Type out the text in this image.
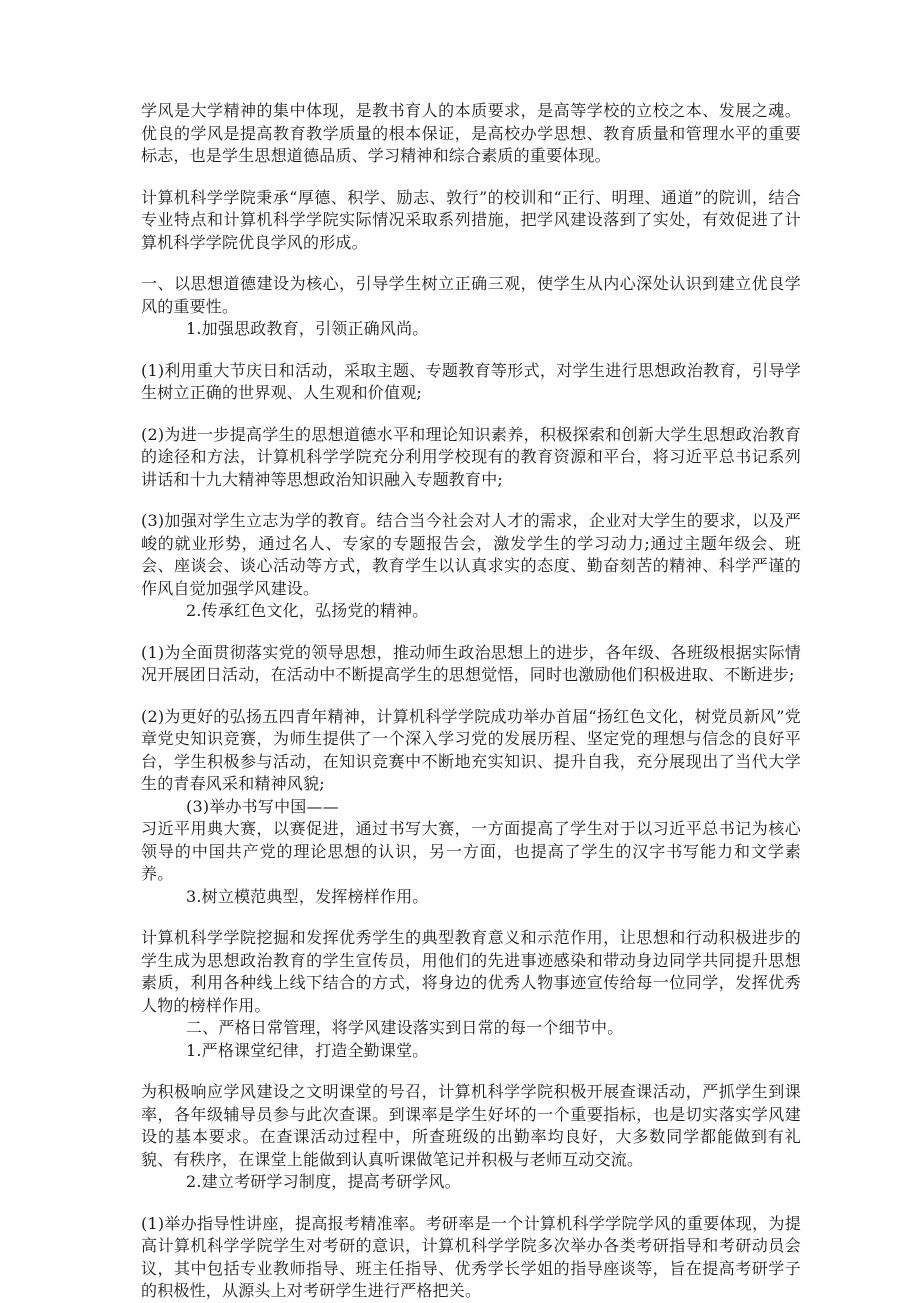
学风是大学精神的集中体现，是教书育人的本质要求，是高等学校的立校之本、发展之魂。优良的学风是提高教育教学质量的根本保证，是高校办学思想、教育质量和管理水平的重要标志，也是学生思想道德品质、学习精神和综合素质的重要体现。

计算机科学学院秉承“厚德、积学、励志、敦行”的校训和“正行、明理、通道”的院训，结合专业特点和计算机科学学院实际情况采取系列措施，把学风建设落到了实处，有效促进了计算机科学学院优良学风的形成。

一、以思想道德建设为核心，引导学生树立正确三观，使学生从内心深处认识到建立优良学风的重要性。

1.加强思政教育，引领正确风尚。

(1)利用重大节庆日和活动，采取主题、专题教育等形式，对学生进行思想政治教育，引导学生树立正确的世界观、人生观和价值观;

(2)为进一步提高学生的思想道德水平和理论知识素养，积极探索和创新大学生思想政治教育的途径和方法，计算机科学学院充分利用学校现有的教育资源和平台，将习近平总书记系列讲话和十九大精神等思想政治知识融入专题教育中;

(3)加强对学生立志为学的教育。结合当今社会对人才的需求，企业对大学生的要求，以及严峻的就业形势，通过名人、专家的专题报告会，激发学生的学习动力;通过主题年级会、班会、座谈会、谈心活动等方式，教育学生以认真求实的态度、勤奋刻苦的精神、科学严谨的作风自觉加强学风建设。

2.传承红色文化，弘扬党的精神。

(1)为全面贯彻落实党的领导思想，推动师生政治思想上的进步，各年级、各班级根据实际情况开展团日活动，在活动中不断提高学生的思想觉悟，同时也激励他们积极进取、不断进步;

(2)为更好的弘扬五四青年精神，计算机科学学院成功举办首届“扬红色文化，树党员新风”党章党史知识竞赛，为师生提供了一个深入学习党的发展历程、坚定党的理想与信念的良好平台，学生积极参与活动，在知识竞赛中不断地充实知识、提升自我，充分展现出了当代大学生的青春风采和精神风貌;

(3)举办书写中国——

习近平用典大赛，以赛促进，通过书写大赛，一方面提高了学生对于以习近平总书记为核心领导的中国共产党的理论思想的认识，另一方面，也提高了学生的汉字书写能力和文学素养。

3.树立模范典型，发挥榜样作用。

计算机科学学院挖掘和发挥优秀学生的典型教育意义和示范作用，让思想和行动积极进步的学生成为思想政治教育的学生宣传员，用他们的先进事迹感染和带动身边同学共同提升思想素质，利用各种线上线下结合的方式，将身边的优秀人物事迹宣传给每一位同学，发挥优秀人物的榜样作用。

二、严格日常管理，将学风建设落实到日常的每一个细节中。

1.严格课堂纪律，打造全勤课堂。

为积极响应学风建设之文明课堂的号召，计算机科学学院积极开展查课活动，严抓学生到课率，各年级辅导员参与此次查课。到课率是学生好坏的一个重要指标，也是切实落实学风建设的基本要求。在查课活动过程中，所查班级的出勤率均良好，大多数同学都能做到有礼貌、有秩序，在课堂上能做到认真听课做笔记并积极与老师互动交流。

2.建立考研学习制度，提高考研学风。

(1)举办指导性讲座，提高报考精准率。考研率是一个计算机科学学院学风的重要体现，为提高计算机科学学院学生对考研的意识，计算机科学学院多次举办各类考研指导和考研动员会议，其中包括专业教师指导、班主任指导、优秀学长学姐的指导座谈等，旨在提高考研学子的积极性，从源头上对考研学生进行严格把关。
